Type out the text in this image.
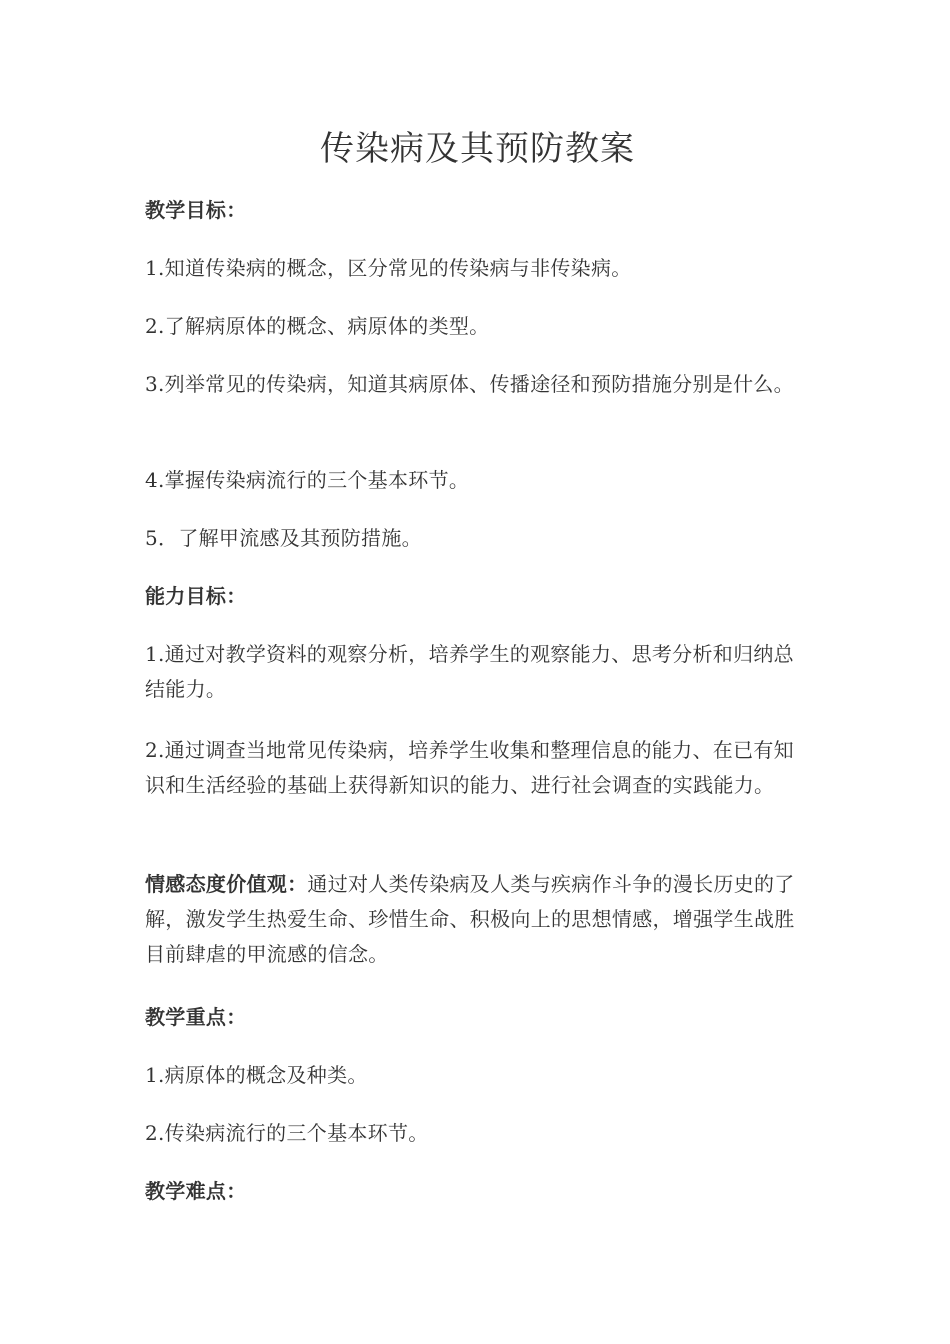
传染病及其预防教案
教学目标：
1.知道传染病的概念，区分常见的传染病与非传染病。
2.了解病原体的概念、病原体的类型。
3.列举常见的传染病，知道其病原体、传播途径和预防措施分别是什么。
4.掌握传染病流行的三个基本环节。
5．了解甲流感及其预防措施。
能力目标：
1.通过对教学资料的观察分析，培养学生的观察能力、思考分析和归纳总结能力。
2.通过调查当地常见传染病，培养学生收集和整理信息的能力、在已有知识和生活经验的基础上获得新知识的能力、进行社会调查的实践能力。
情感态度价值观：通过对人类传染病及人类与疾病作斗争的漫长历史的了解，激发学生热爱生命、珍惜生命、积极向上的思想情感，增强学生战胜目前肆虐的甲流感的信念。
教学重点：
1.病原体的概念及种类。
2.传染病流行的三个基本环节。
教学难点：
